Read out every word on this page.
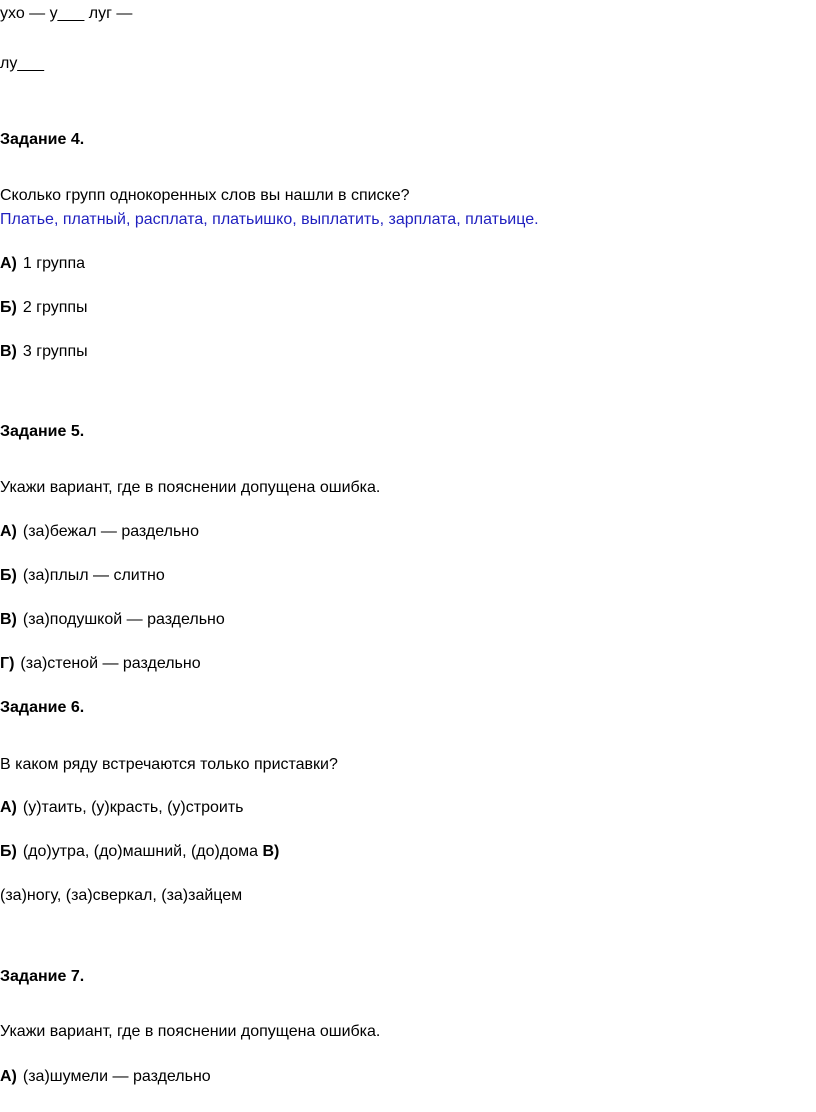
ухо — у___ луг —
лу___
Задание 4.
Сколько групп однокоренных слов вы нашли в списке?
Платье, платный, расплата, платьишко, выплатить, зарплата, платьице.
А) 1 группа
Б) 2 группы
В) 3 группы
Задание 5.
Укажи вариант, где в пояснении допущена ошибка.
А) (за)бежал — раздельно
Б) (за)плыл — слитно
В) (за)подушкой — раздельно
Г) (за)стеной — раздельно
Задание 6.
В каком ряду встречаются только приставки?
А) (у)таить, (у)красть, (у)строить
Б) (до)утра, (до)машний, (до)дома В)
(за)ногу, (за)сверкал, (за)зайцем
Задание 7.
Укажи вариант, где в пояснении допущена ошибка.
А) (за)шумели — раздельно
